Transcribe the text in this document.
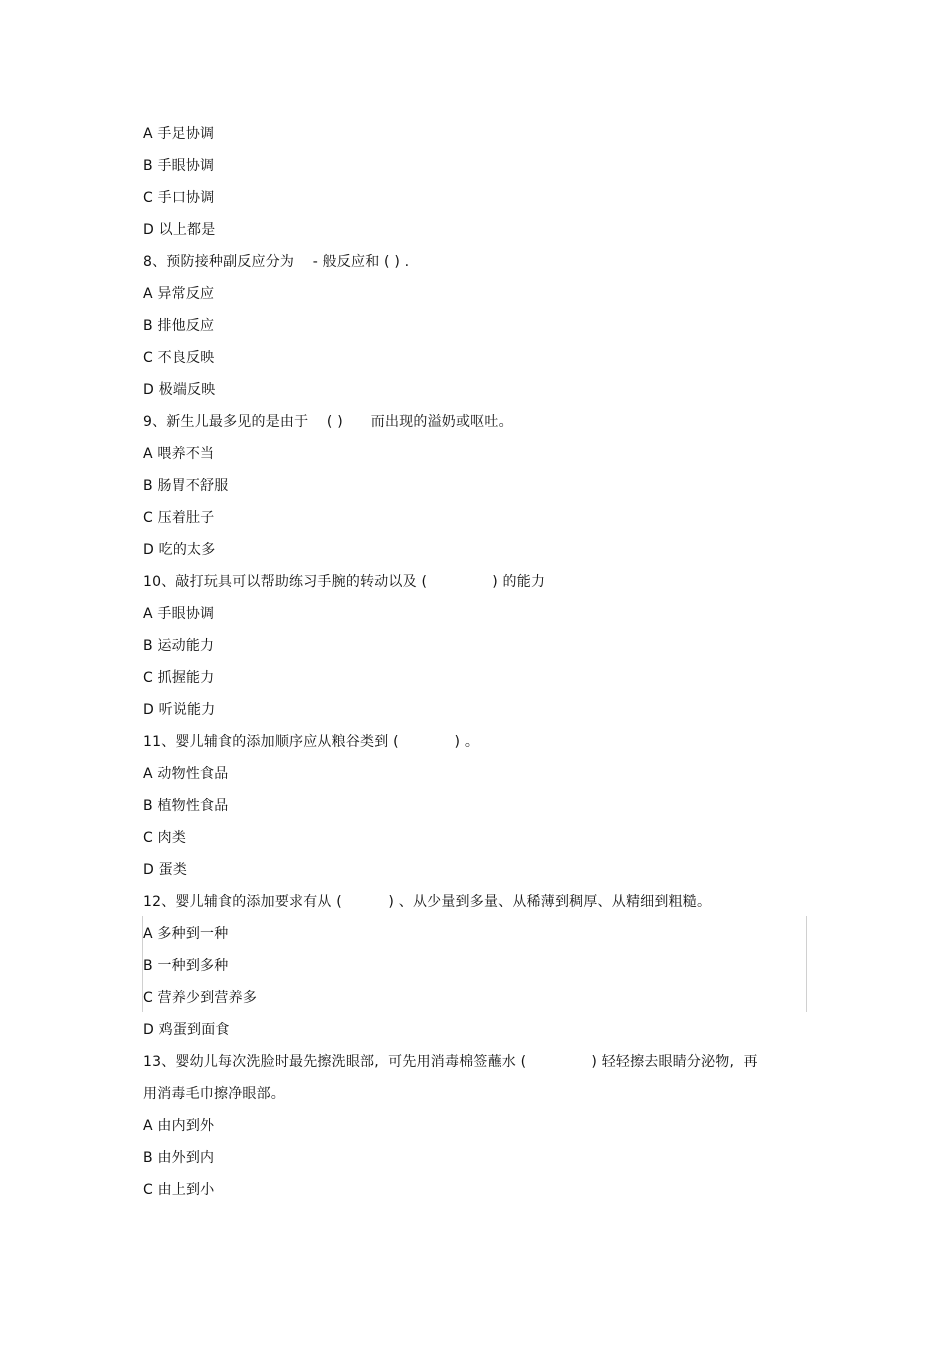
A 手足协调
B 手眼协调
C 手口协调
D 以上都是
8、预防接种副反应分为    - 般反应和 ( ) .
A 异常反应
B 排他反应
C 不良反映
D 极端反映
9、新生儿最多见的是由于    ( )      而出现的溢奶或呕吐。
A 喂养不当
B 肠胃不舒服
C 压着肚子
D 吃的太多
10、敲打玩具可以帮助练习手腕的转动以及 (              ) 的能力
A 手眼协调
B 运动能力
C 抓握能力
D 听说能力
11、婴儿辅食的添加顺序应从粮谷类到 (            ) 。
A 动物性食品
B 植物性食品
C 肉类
D 蛋类
12、婴儿辅食的添加要求有从 (          ) 、从少量到多量、从稀薄到稠厚、从精细到粗糙。
A 多种到一种
B 一种到多种
C 营养少到营养多
D 鸡蛋到面食
13、婴幼儿每次洗脸时最先擦洗眼部,  可先用消毒棉签蘸水 (              ) 轻轻擦去眼睛分泌物,  再
用消毒毛巾擦净眼部。
A 由内到外
B 由外到内
C 由上到小
